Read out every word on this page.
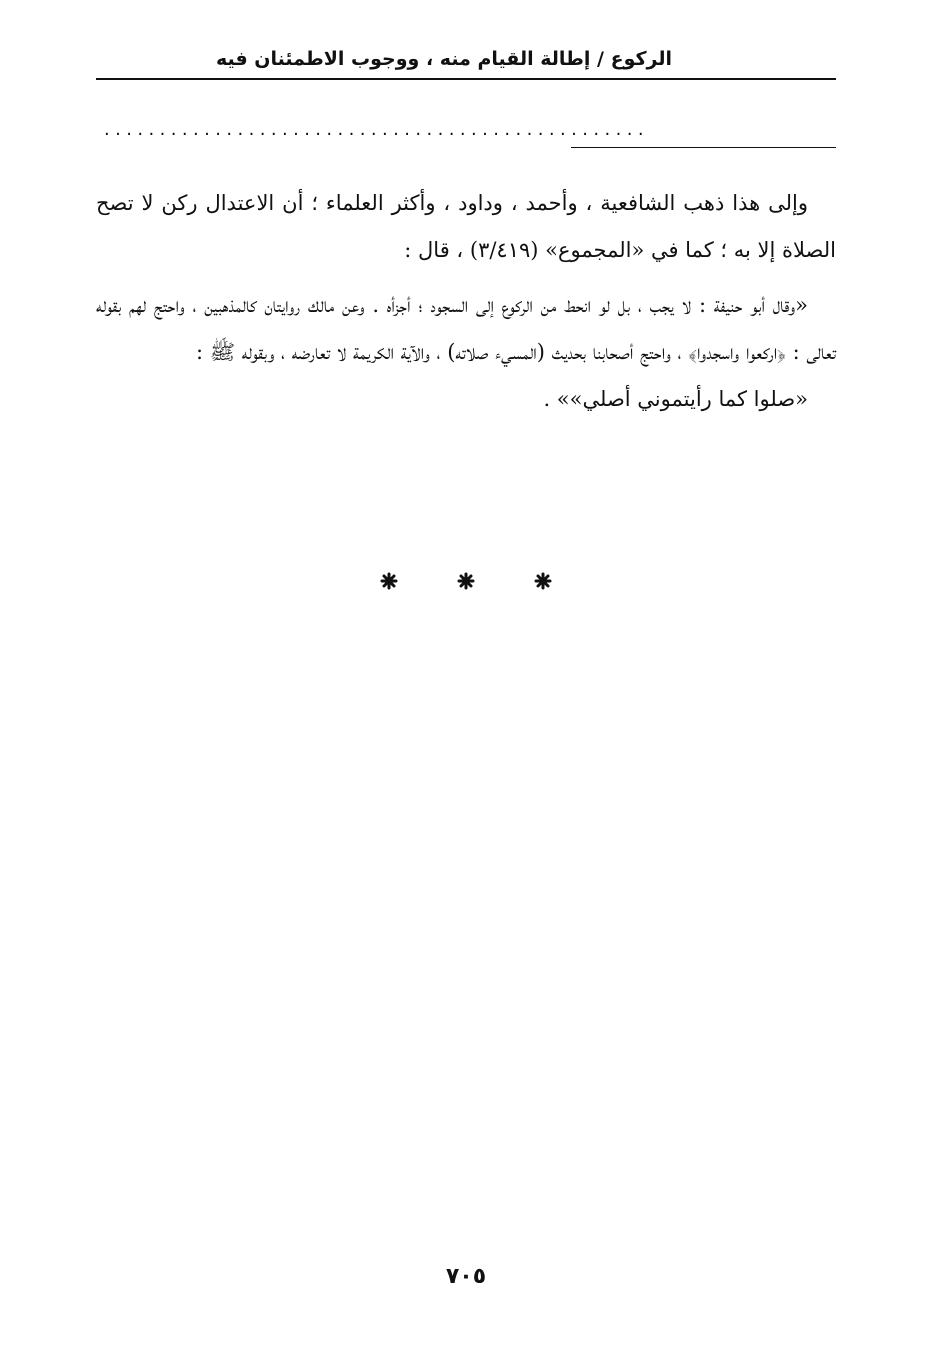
الركوع / إطالة القيام منه ، ووجوب الاطمئنان فيه
.................................................

وإلى هذا ذهب الشافعية ، وأحمد ، وداود ، وأكثر العلماء ؛ أن الاعتدال ركن لا تصح الصلاة إلا به ؛ كما في «المجموع» (٣/٤١٩) ، قال :

«وقال أبو حنيفة : لا يجب ، بل لو انحط من الركوع إلى السجود ؛ أجزأه . وعن مالك روايتان كالمذهبين ، واحتج لهم بقوله تعالى : ﴿اركعوا واسجدوا﴾ ، واحتج أصحابنا بحديث (المسيء صلاته) ، والآية الكريمة لا تعارضه ، وبقوله ﷺ :

«صلوا كما رأيتموني أصلي»» .

٧٠٥
